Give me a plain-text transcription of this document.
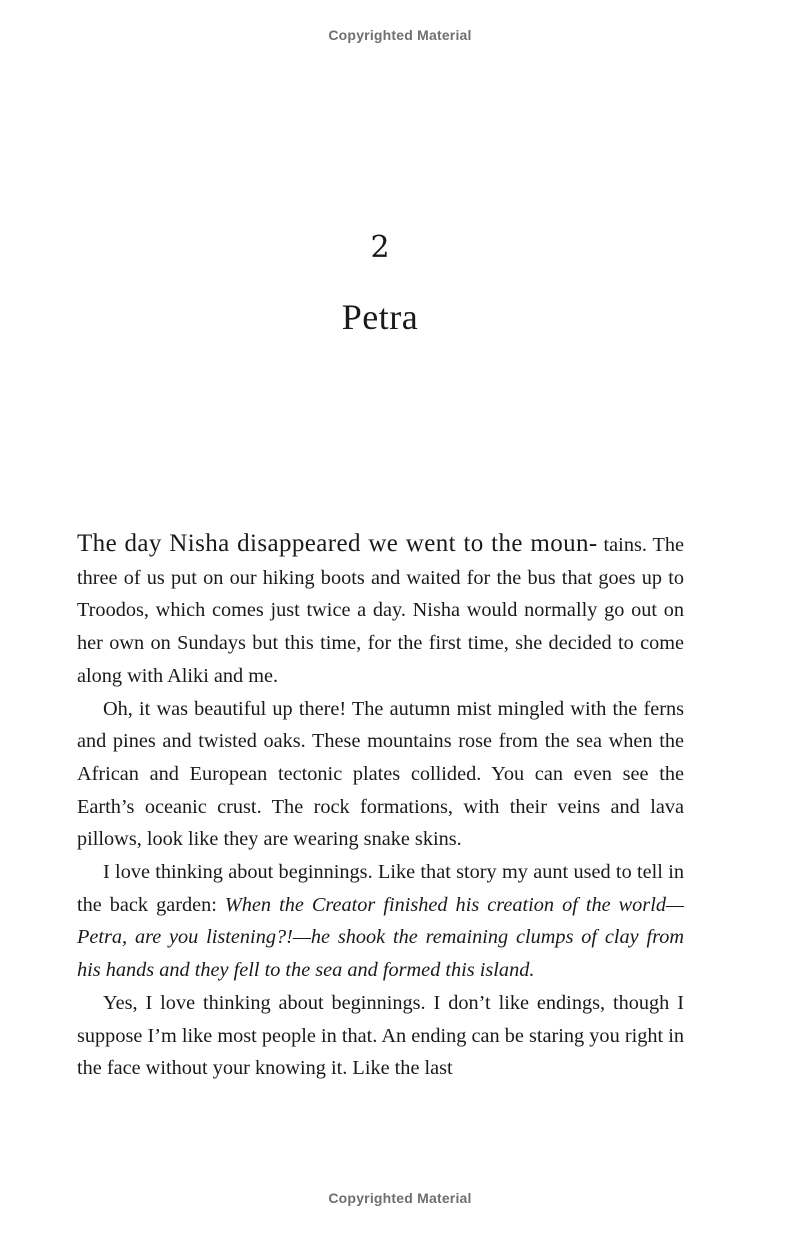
Copyrighted Material
2
Petra

The day Nisha disappeared we went to the moun- tains. The three of us put on our hiking boots and waited for the bus that goes up to Troodos, which comes just twice a day. Nisha would normally go out on her own on Sundays but this time, for the first time, she decided to come along with Aliki and me.

Oh, it was beautiful up there! The autumn mist mingled with the ferns and pines and twisted oaks. These mountains rose from the sea when the African and European tectonic plates collided. You can even see the Earth’s oceanic crust. The rock formations, with their veins and lava pillows, look like they are wearing snake skins.

I love thinking about beginnings. Like that story my aunt used to tell in the back garden: When the Creator finished his creation of the world—Petra, are you listening?!—he shook the remaining clumps of clay from his hands and they fell to the sea and formed this island.

Yes, I love thinking about beginnings. I don’t like endings, though I suppose I’m like most people in that. An ending can be staring you right in the face without your knowing it. Like the last

Copyrighted Material
